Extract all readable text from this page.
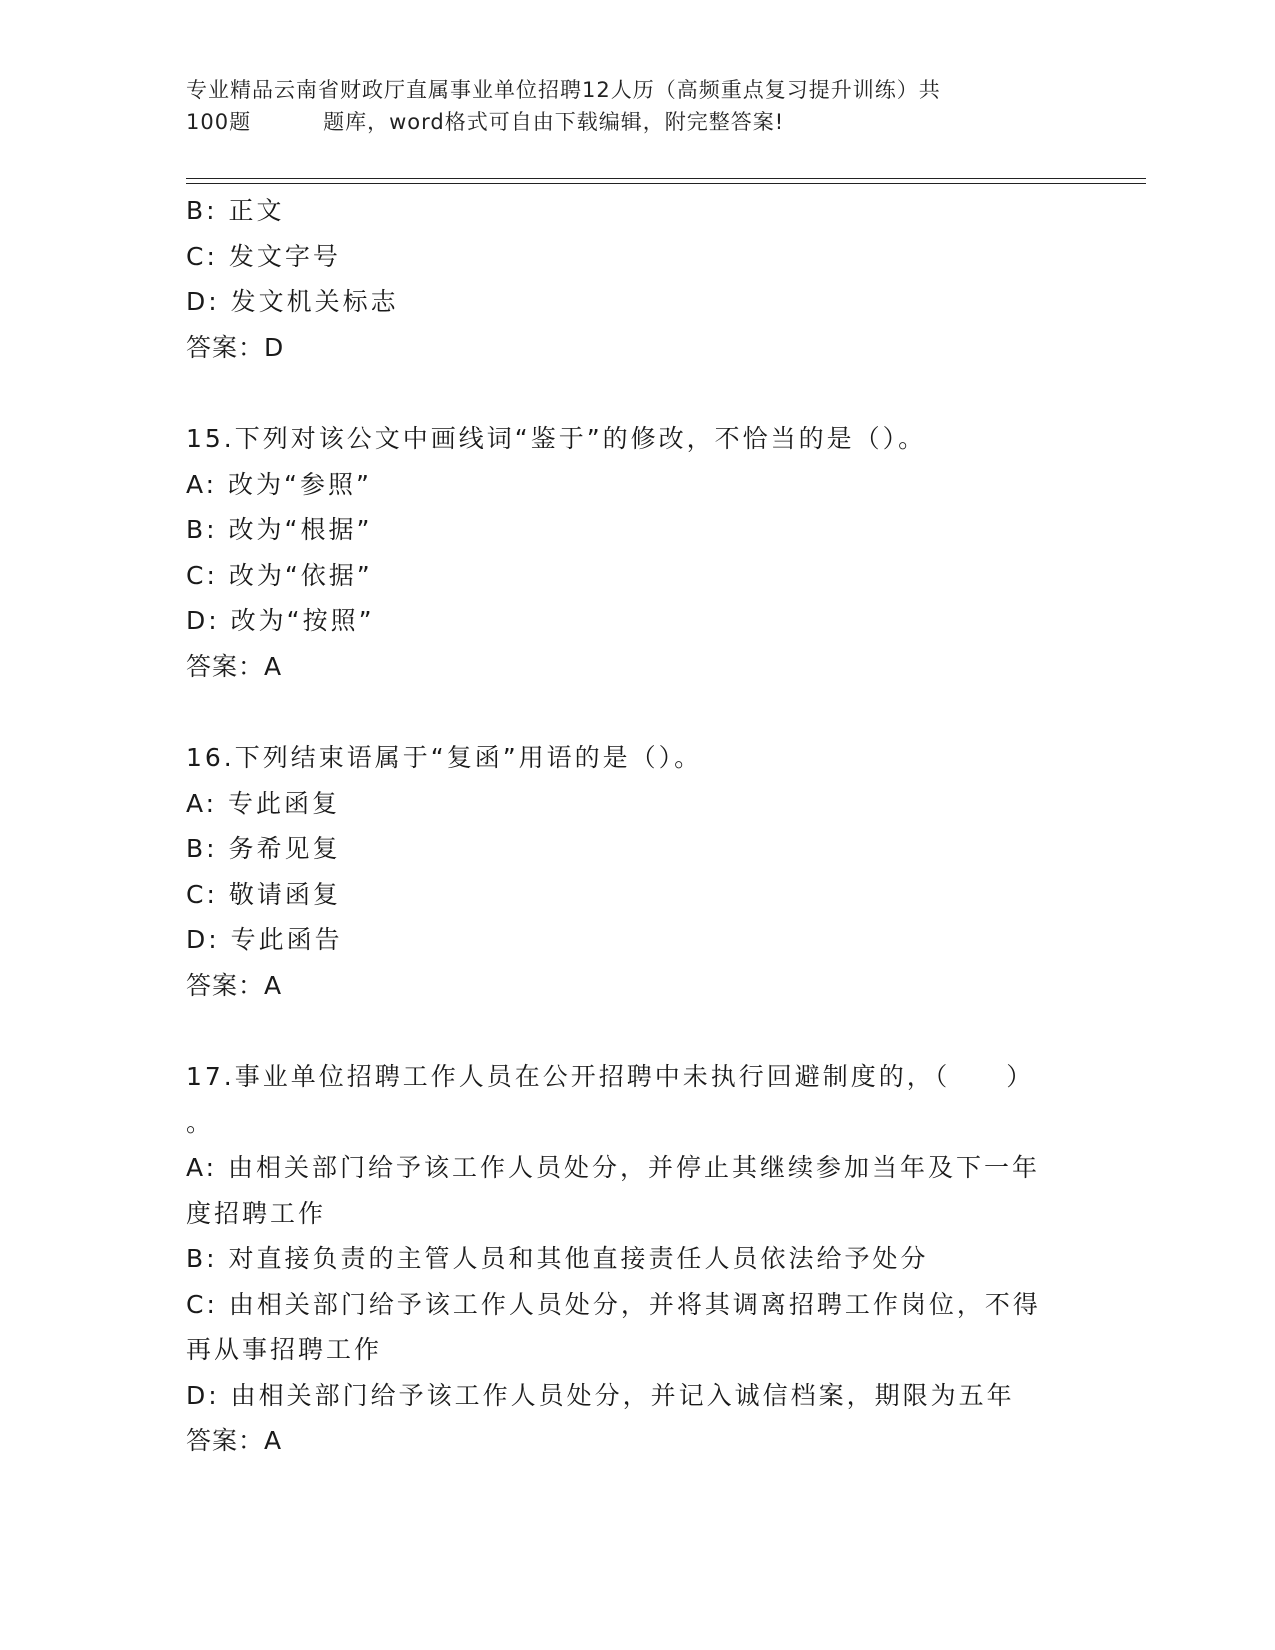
专业精品云南省财政厅直属事业单位招聘12人历（高频重点复习提升训练）共
100题	题库，word格式可自由下载编辑，附完整答案!

B: 正文

C: 发文字号

D: 发文机关标志

答案：D

15.下列对该公文中画线词“鉴于”的修改，不恰当的是（）。

A: 改为“参照”

B: 改为“根据”

C: 改为“依据”

D: 改为“按照”

答案：A

16.下列结束语属于“复函”用语的是（）。

A: 专此函复

B: 务希见复

C: 敬请函复

D: 专此函告

答案：A

17.事业单位招聘工作人员在公开招聘中未执行回避制度的，（　　）

。

A: 由相关部门给予该工作人员处分，并停止其继续参加当年及下一年

度招聘工作

B: 对直接负责的主管人员和其他直接责任人员依法给予处分

C: 由相关部门给予该工作人员处分，并将其调离招聘工作岗位，不得

再从事招聘工作

D: 由相关部门给予该工作人员处分，并记入诚信档案，期限为五年

答案：A
